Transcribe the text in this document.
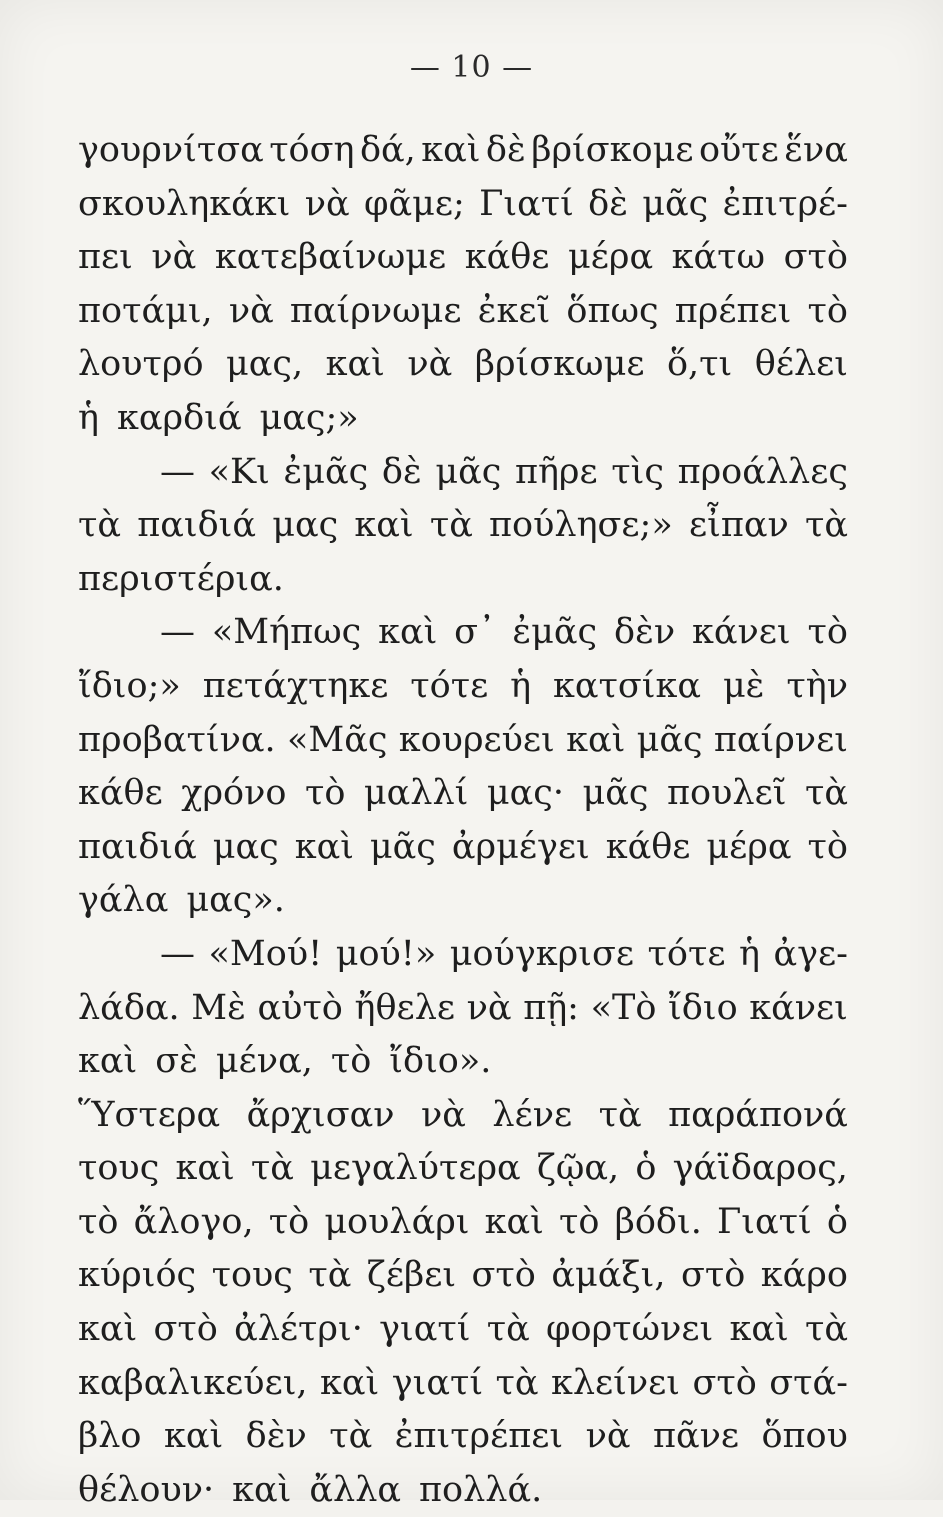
— 10 —
γουρνίτσα τόση δά, καὶ δὲ βρίσκομε οὔτε ἕνα
σκουληκάκι νὰ φᾶμε; Γιατί δὲ μᾶς ἐπιτρέ-
πει νὰ κατεβαίνωμε κάθε μέρα κάτω στὸ
ποτάμι, νὰ παίρνωμε ἐκεῖ ὅπως πρέπει τὸ
λουτρό μας, καὶ νὰ βρίσκωμε ὅ,τι θέλει
ἡ καρδιά μας;»
— «Κι ἐμᾶς δὲ μᾶς πῆρε τὶς προάλλες
τὰ παιδιά μας καὶ τὰ πούλησε;» εἶπαν τὰ
περιστέρια.
— «Μήπως καὶ σ᾽ ἐμᾶς δὲν κάνει τὸ
ἴδιο;» πετάχτηκε τότε ἡ κατσίκα μὲ τὴν
προβατίνα. «Μᾶς κουρεύει καὶ μᾶς παίρνει
κάθε χρόνο τὸ μαλλί μας· μᾶς πουλεῖ τὰ
παιδιά μας καὶ μᾶς ἀρμέγει κάθε μέρα τὸ
γάλα μας».
— «Μού! μού!» μούγκρισε τότε ἡ ἀγε-
λάδα. Μὲ αὐτὸ ἤθελε νὰ πῇ: «Τὸ ἴδιο κάνει
καὶ σὲ μένα, τὸ ἴδιο».
Ὕστερα ἄρχισαν νὰ λένε τὰ παράπονά
τους καὶ τὰ μεγαλύτερα ζῷα, ὁ γάϊδαρος,
τὸ ἄλογο, τὸ μουλάρι καὶ τὸ βόδι. Γιατί ὁ
κύριός τους τὰ ζέβει στὸ ἀμάξι, στὸ κάρο
καὶ στὸ ἀλέτρι· γιατί τὰ φορτώνει καὶ τὰ
καβαλικεύει, καὶ γιατί τὰ κλείνει στὸ στά-
βλο καὶ δὲν τὰ ἐπιτρέπει νὰ πᾶνε ὅπου
θέλουν· καὶ ἄλλα πολλά.
